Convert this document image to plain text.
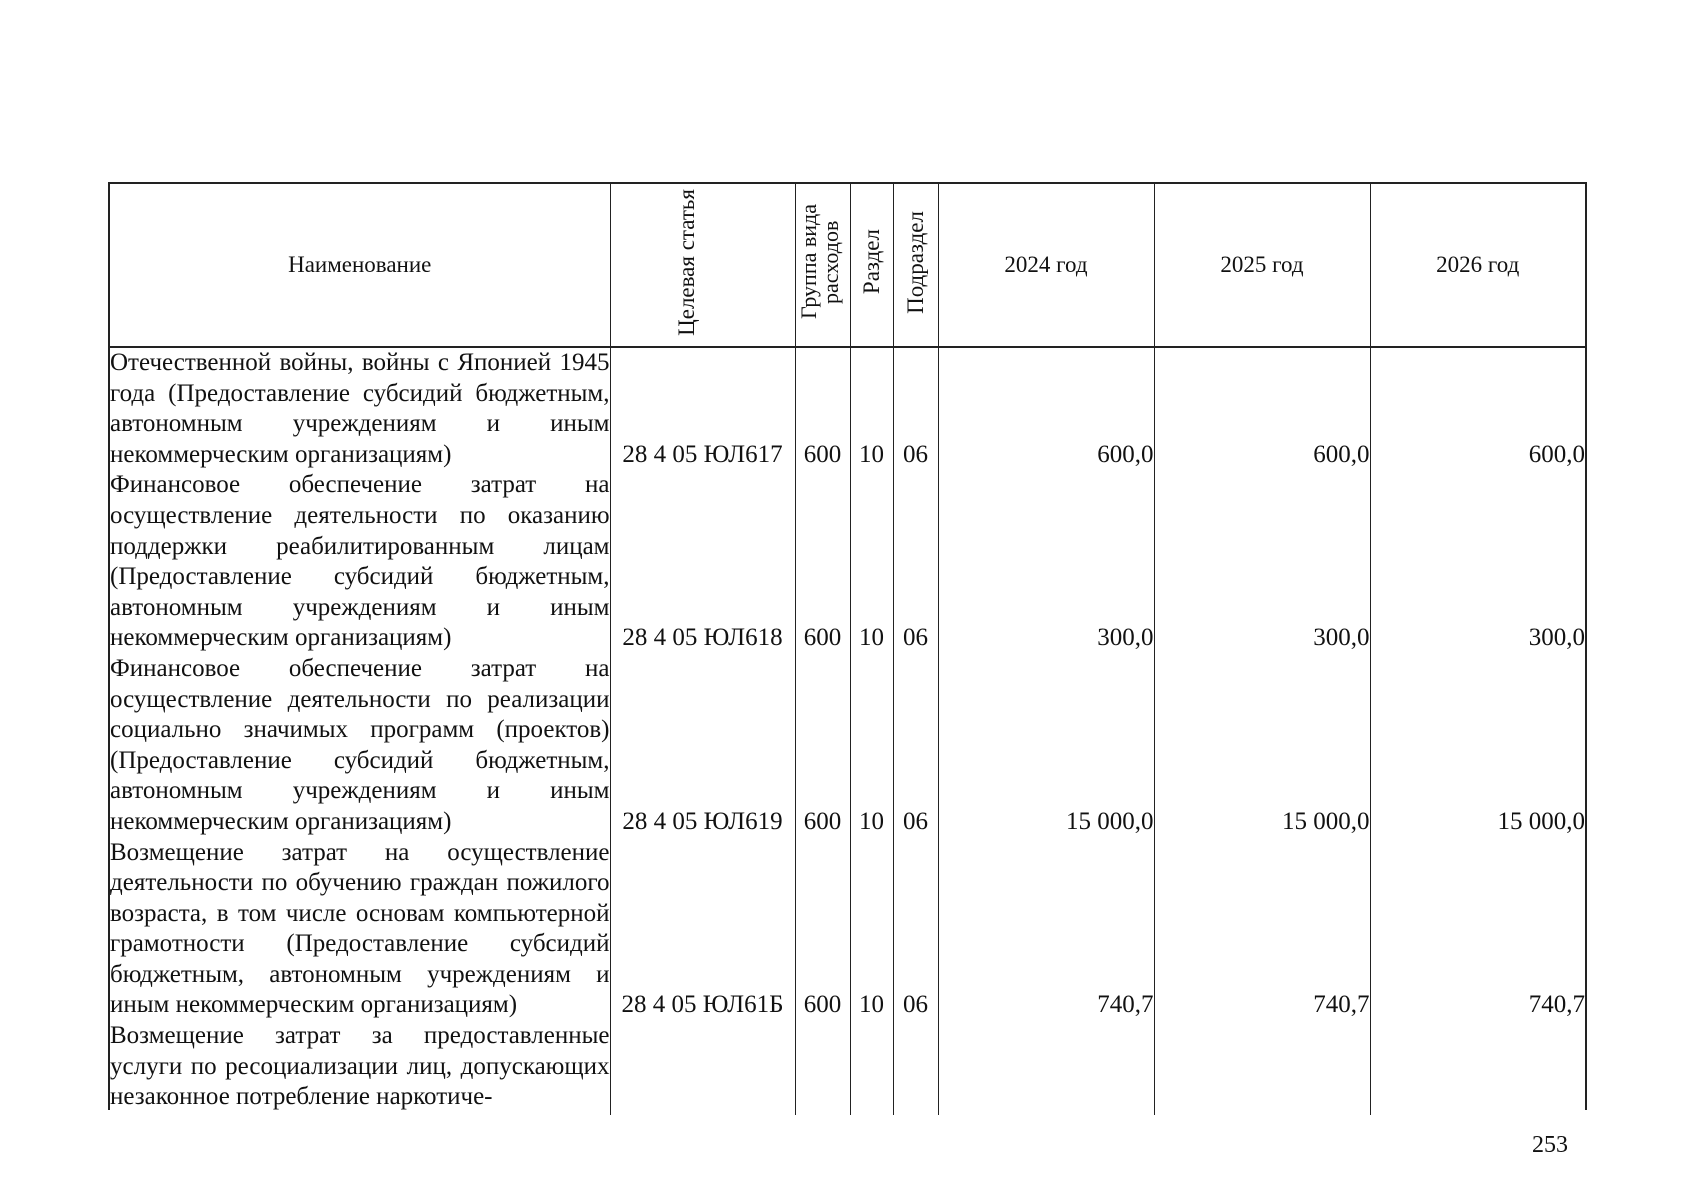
Наименование	Целевая статья	Группа вида расходов	Раздел	Подраздел	2024 год	2025 год	2026 год
Отечественной войны, войны с Японией 1945 года (Предоставление субсидий бюджетным, автономным учреждениям и иным некоммерческим организациям)	28 4 05 ЮЛ617	600	10	06	600,0	600,0	600,0
Финансовое обеспечение затрат на осуществление деятельности по оказанию поддержки реабилитированным лицам (Предоставление субсидий бюджетным, автономным учреждениям и иным некоммерческим организациям)	28 4 05 ЮЛ618	600	10	06	300,0	300,0	300,0
Финансовое обеспечение затрат на осуществление деятельности по реализации социально значимых программ (проектов) (Предоставление субсидий бюджетным, автономным учреждениям и иным некоммерческим организациям)	28 4 05 ЮЛ619	600	10	06	15 000,0	15 000,0	15 000,0
Возмещение затрат на осуществление деятельности по обучению граждан пожилого возраста, в том числе основам компьютерной грамотности (Предоставление субсидий бюджетным, автономным учреждениям и иным некоммерческим организациям)	28 4 05 ЮЛ61Б	600	10	06	740,7	740,7	740,7
Возмещение затрат за предоставленные услуги по ресоциализации лиц, допускающих незаконное потребление наркотиче-							
253
